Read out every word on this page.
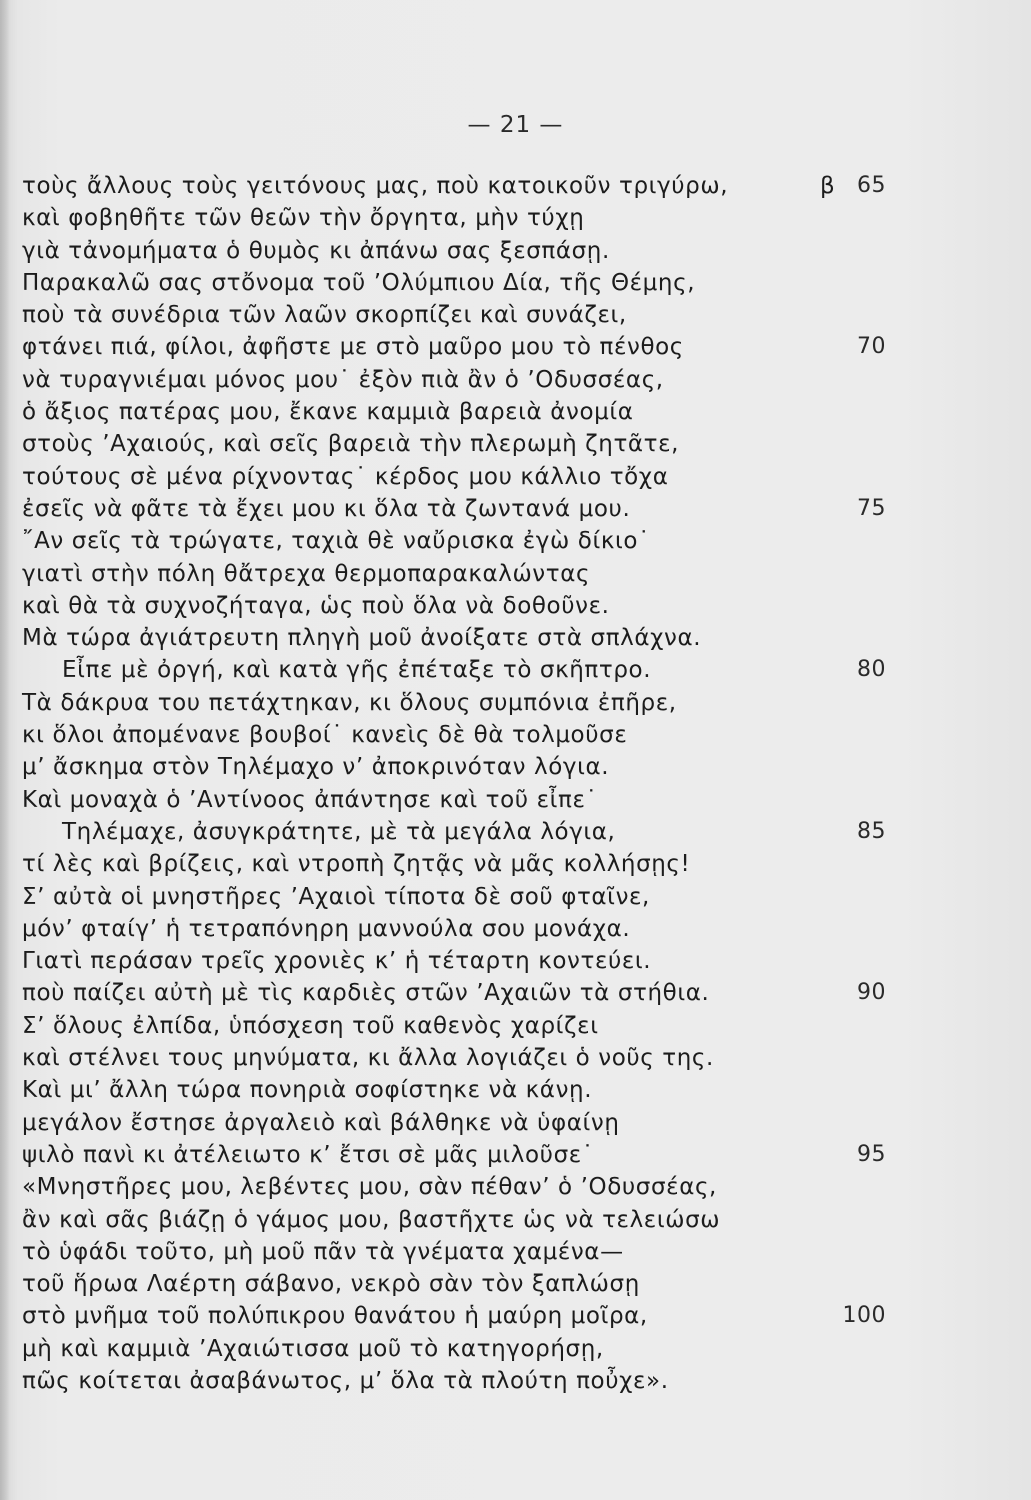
— 21 —
τοὺς ἄλλους τοὺς γειτόνους μας, ποὺ κατοικοῦν τριγύρω,	β 65
καὶ φοβηθῆτε τῶν θεῶν τὴν ὄργητα, μὴν τύχῃ
γιὰ τἀνομήματα ὁ θυμὸς κι ἀπάνω σας ξεσπάσῃ.
Παρακαλῶ σας στὄνομα τοῦ ’Ολύμπιου Δία, τῆς Θέμης,
ποὺ τὰ συνέδρια τῶν λαῶν σκορπίζει καὶ συνάζει,
φτάνει πιά, φίλοι, ἀφῆστε με στὸ μαῦρο μου τὸ πένθος	70
νὰ τυραγνιέμαι μόνος μου˙ ἐξὸν πιὰ ἂν ὁ ’Οδυσσέας,
ὁ ἄξιος πατέρας μου, ἔκανε καμμιὰ βαρειὰ ἀνομία
στοὺς ’Αχαιούς, καὶ σεῖς βαρειὰ τὴν πλερωμὴ ζητᾶτε,
τούτους σὲ μένα ρίχνοντας˙ κέρδος μου κάλλιο τὄχα
ἐσεῖς νὰ φᾶτε τὰ ἔχει μου κι ὅλα τὰ ζωντανά μου.	75
῎Αν σεῖς τὰ τρώγατε, ταχιὰ θὲ ναὔρισκα ἐγὼ δίκιο˙
γιατὶ στὴν πόλη θἄτρεχα θερμοπαρακαλώντας
καὶ θὰ τὰ συχνοζήταγα, ὡς ποὺ ὅλα νὰ δοθοῦνε.
Μὰ τώρα ἀγιάτρευτη πληγὴ μοῦ ἀνοίξατε στὰ σπλάχνα.
Εἶπε μὲ ὀργή, καὶ κατὰ γῆς ἐπέταξε τὸ σκῆπτρο.	80
Τὰ δάκρυα του πετάχτηκαν, κι ὅλους συμπόνια ἐπῆρε,
κι ὅλοι ἀπομένανε βουβοί˙ κανεὶς δὲ θὰ τολμοῦσε
μ’ ἄσκημα στὸν Τηλέμαχο ν’ ἀποκρινόταν λόγια.
Καὶ μοναχὰ ὁ ’Αντίνοος ἀπάντησε καὶ τοῦ εἶπε˙
Τηλέμαχε, ἀσυγκράτητε, μὲ τὰ μεγάλα λόγια,	85
τί λὲς καὶ βρίζεις, καὶ ντροπὴ ζητᾷς νὰ μᾶς κολλήσῃς!
Σ’ αὐτὰ οἱ μνηστῆρες ’Αχαιοὶ τίποτα δὲ σοῦ φταῖνε,
μόν’ φταίγ’ ἡ τετραπόνηρη μαννούλα σου μονάχα.
Γιατὶ περάσαν τρεῖς χρονιὲς κ’ ἡ τέταρτη κοντεύει.
ποὺ παίζει αὐτὴ μὲ τὶς καρδιὲς στῶν ’Αχαιῶν τὰ στήθια.	90
Σ’ ὅλους ἐλπίδα, ὑπόσχεση τοῦ καθενὸς χαρίζει
καὶ στέλνει τους μηνύματα, κι ἄλλα λογιάζει ὁ νοῦς της.
Καὶ μι’ ἄλλη τώρα πονηριὰ σοφίστηκε νὰ κάνῃ.
μεγάλον ἔστησε ἀργαλειὸ καὶ βάλθηκε νὰ ὑφαίνῃ
ψιλὸ πανὶ κι ἀτέλειωτο κ’ ἔτσι σὲ μᾶς μιλοῦσε˙	95
«Μνηστῆρες μου, λεβέντες μου, σὰν πέθαν’ ὁ ’Οδυσσέας,
ἂν καὶ σᾶς βιάζῃ ὁ γάμος μου, βαστῆχτε ὡς νὰ τελειώσω
τὸ ὑφάδι τοῦτο, μὴ μοῦ πᾶν τὰ γνέματα χαμένα—
τοῦ ἥρωα Λαέρτη σάβανο, νεκρὸ σὰν τὸν ξαπλώσῃ
στὸ μνῆμα τοῦ πολύπικρου θανάτου ἡ μαύρη μοῖρα,	100
μὴ καὶ καμμιὰ ’Αχαιώτισσα μοῦ τὸ κατηγορήσῃ,
πῶς κοίτεται ἀσαβάνωτος, μ’ ὅλα τὰ πλούτη ποὖχε».
